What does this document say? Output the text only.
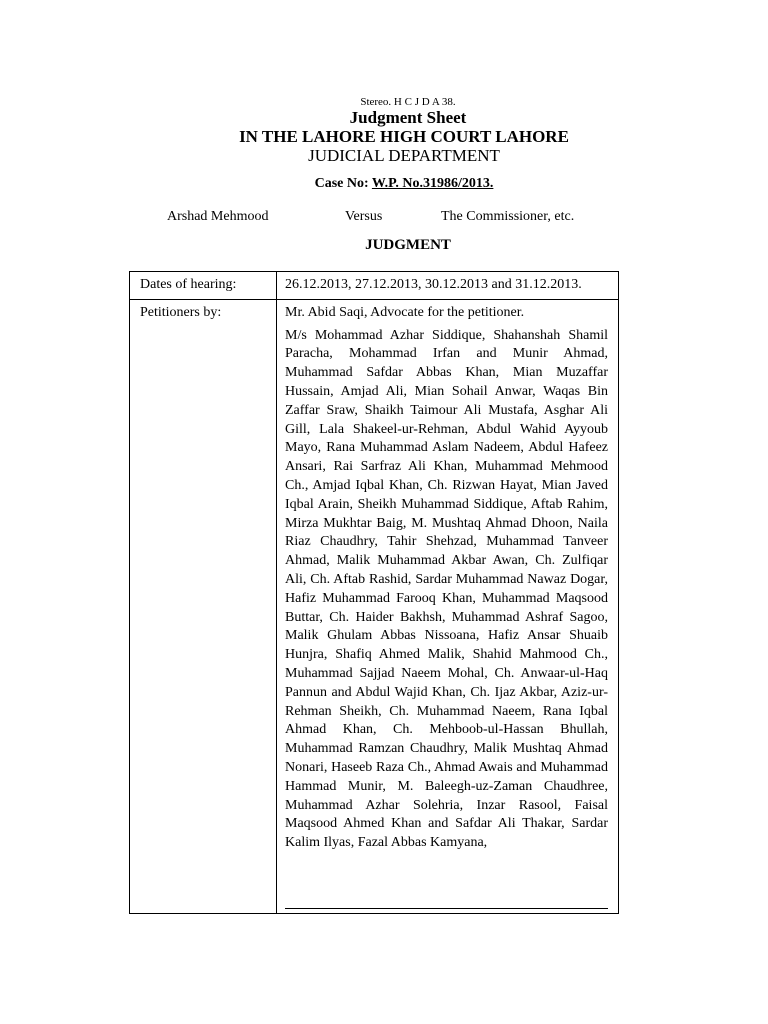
Stereo. H C J D A 38.
Judgment Sheet
IN THE LAHORE HIGH COURT LAHORE
JUDICIAL DEPARTMENT
Case No: W.P. No.31986/2013.
Arshad Mehmood	Versus	The Commissioner, etc.
JUDGMENT
Dates of hearing:	26.12.2013, 27.12.2013, 30.12.2013 and 31.12.2013.
Petitioners by:	Mr. Abid Saqi, Advocate for the petitioner.

M/s Mohammad Azhar Siddique, Shahanshah Shamil Paracha, Mohammad Irfan and Munir Ahmad, Muhammad Safdar Abbas Khan, Mian Muzaffar Hussain, Amjad Ali, Mian Sohail Anwar, Waqas Bin Zaffar Sraw, Shaikh Taimour Ali Mustafa, Asghar Ali Gill, Lala Shakeel-ur-Rehman, Abdul Wahid Ayyoub Mayo, Rana Muhammad Aslam Nadeem, Abdul Hafeez Ansari, Rai Sarfraz Ali Khan, Muhammad Mehmood Ch., Amjad Iqbal Khan, Ch. Rizwan Hayat, Mian Javed Iqbal Arain, Sheikh Muhammad Siddique, Aftab Rahim, Mirza Mukhtar Baig, M. Mushtaq Ahmad Dhoon, Naila Riaz Chaudhry, Tahir Shehzad, Muhammad Tanveer Ahmad, Malik Muhammad Akbar Awan, Ch. Zulfiqar Ali, Ch. Aftab Rashid, Sardar Muhammad Nawaz Dogar, Hafiz Muhammad Farooq Khan, Muhammad Maqsood Buttar, Ch. Haider Bakhsh, Muhammad Ashraf Sagoo, Malik Ghulam Abbas Nissoana, Hafiz Ansar Shuaib Hunjra, Shafiq Ahmed Malik, Shahid Mahmood Ch., Muhammad Sajjad Naeem Mohal, Ch. Anwaar-ul-Haq Pannun and Abdul Wajid Khan, Ch. Ijaz Akbar, Aziz-ur-Rehman Sheikh, Ch. Muhammad Naeem, Rana Iqbal Ahmad Khan, Ch. Mehboob-ul-Hassan Bhullah, Muhammad Ramzan Chaudhry, Malik Mushtaq Ahmad Nonari, Haseeb Raza Ch., Ahmad Awais and Muhammad Hammad Munir, M. Baleegh-uz-Zaman Chaudhree, Muhammad Azhar Solehria, Inzar Rasool, Faisal Maqsood Ahmed Khan and Safdar Ali Thakar, Sardar Kalim Ilyas, Fazal Abbas Kamyana,
